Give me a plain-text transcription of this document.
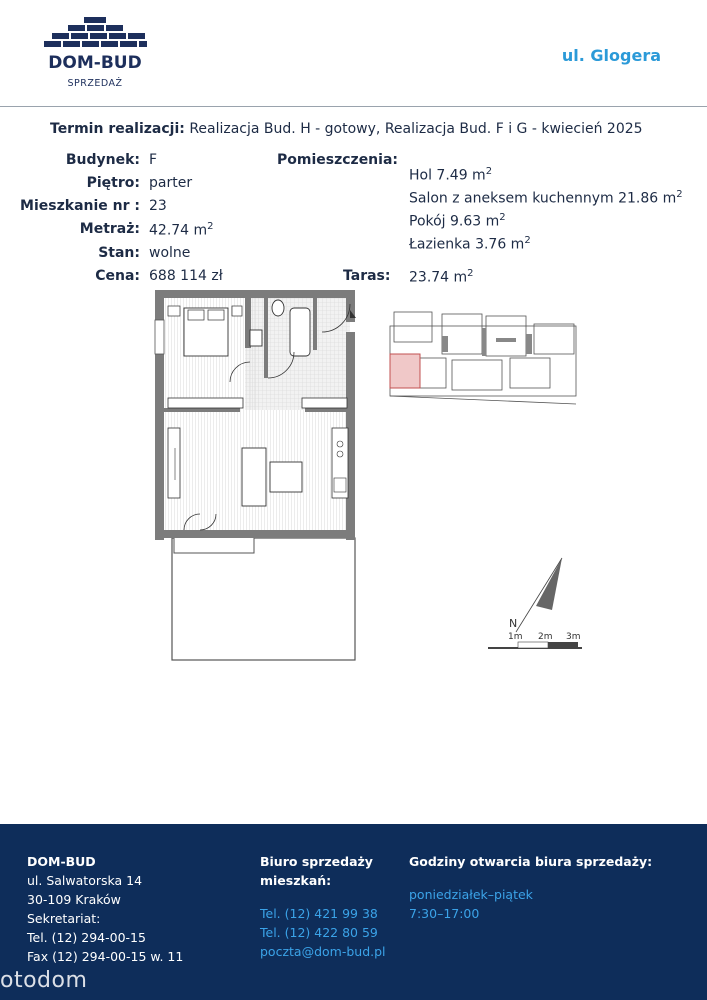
DOM-BUD
SPRZEDAŻ
ul. Glogera
Termin realizacji: Realizacja Bud. H - gotowy, Realizacja Bud. F i G - kwiecień 2025
Budynek: F
Piętro: parter
Mieszkanie nr : 23
Metraż: 42.74 $m^2$
Stan: wolne
Cena: 688 114 zł
Pomieszczenia:
Hol 7.49 $m^2$
Salon z aneksem kuchennym 21.86 $m^2$
Pokój 9.63 $m^2$
Łazienka 3.76 $m^2$
Taras: 23.74 $m^2$
N
1m 2m 3m
DOM-BUD
ul. Salwatorska 14
30-109 Kraków
Sekretariat:
Tel. (12) 294-00-15
Fax (12) 294-00-15 w. 11
Biuro sprzedaży
mieszkań:
Tel. (12) 421 99 38
Tel. (12) 422 80 59
poczta@dom-bud.pl
Godziny otwarcia biura sprzedaży:
poniedziałek–piątek
7:30–17:00
otodom
